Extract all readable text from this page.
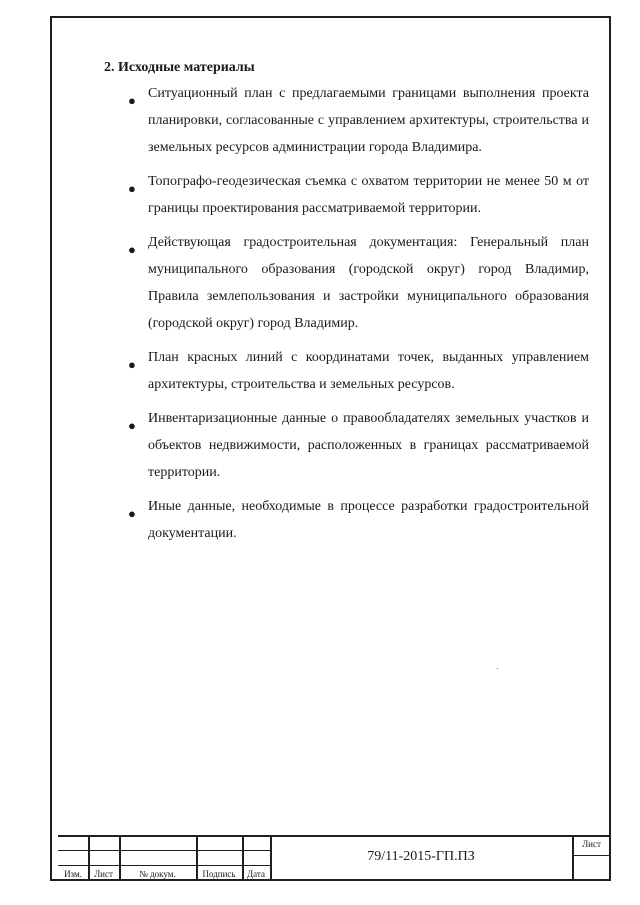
2. Исходные материалы
● Ситуационный план с предлагаемыми границами выполнения проекта планировки, согласованные с управлением архитектуры, строительства и земельных ресурсов администрации города Владимира.
● Топографо-геодезическая съемка с охватом территории не менее 50 м от границы проектирования рассматриваемой территории.
● Действующая градостроительная документация: Генеральный план муниципального образования (городской округ) город Владимир, Правила землепользования и застройки муниципального образования (городской округ) город Владимир.
● План красных линий с координатами точек, выданных управлением архитектуры, строительства и земельных ресурсов.
● Инвентаризационные данные о правообладателях земельных участков и объектов недвижимости, расположенных в границах рассматриваемой территории.
● Иные данные, необходимые в процессе разработки градостроительной документации.
Изм.	Лист	№ докум.	Подпись	Дата
79/11-2015-ГП.ПЗ
Лист
